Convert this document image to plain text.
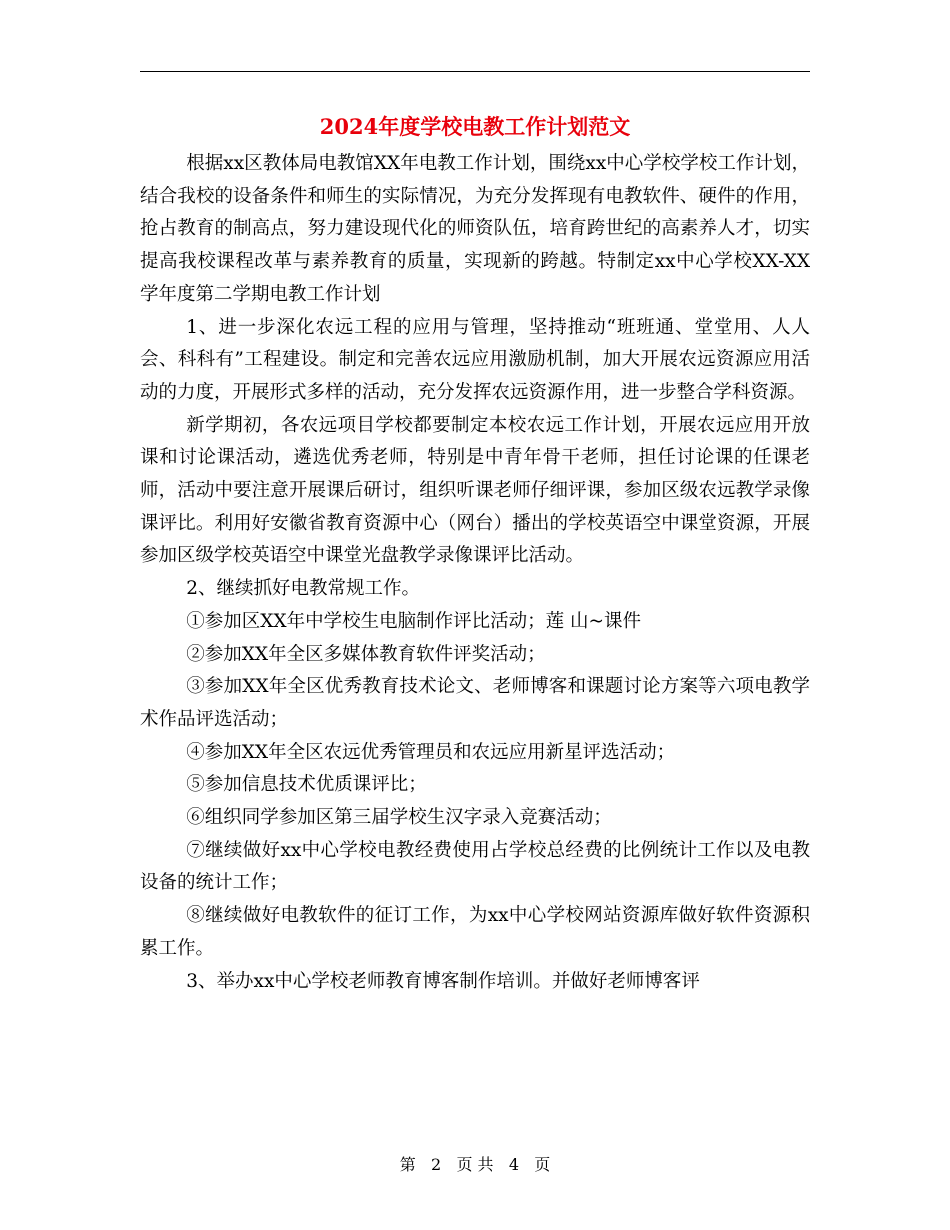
2024年度学校电教工作计划范文

根据xx区教体局电教馆XX年电教工作计划，围绕xx中心学校学校工作计划，结合我校的设备条件和师生的实际情况，为充分发挥现有电教软件、硬件的作用，抢占教育的制高点，努力建设现代化的师资队伍，培育跨世纪的高素养人才，切实提高我校课程改革与素养教育的质量，实现新的跨越。特制定xx中心学校XX-XX学年度第二学期电教工作计划

1、进一步深化农远工程的应用与管理，坚持推动“班班通、堂堂用、人人会、科科有”工程建设。制定和完善农远应用激励机制，加大开展农远资源应用活动的力度，开展形式多样的活动，充分发挥农远资源作用，进一步整合学科资源。

新学期初，各农远项目学校都要制定本校农远工作计划，开展农远应用开放课和讨论课活动，遴选优秀老师，特别是中青年骨干老师，担任讨论课的任课老师，活动中要注意开展课后研讨，组织听课老师仔细评课，参加区级农远教学录像课评比。利用好安徽省教育资源中心（网台）播出的学校英语空中课堂资源，开展参加区级学校英语空中课堂光盘教学录像课评比活动。

2、继续抓好电教常规工作。

①参加区XX年中学校生电脑制作评比活动；莲 山~课件

②参加XX年全区多媒体教育软件评奖活动；

③参加XX年全区优秀教育技术论文、老师博客和课题讨论方案等六项电教学术作品评选活动；

④参加XX年全区农远优秀管理员和农远应用新星评选活动；

⑤参加信息技术优质课评比；

⑥组织同学参加区第三届学校生汉字录入竞赛活动；

⑦继续做好xx中心学校电教经费使用占学校总经费的比例统计工作以及电教设备的统计工作；

⑧继续做好电教软件的征订工作，为xx中心学校网站资源库做好软件资源积累工作。

3、举办xx中心学校老师教育博客制作培训。并做好老师博客评

第 2 页 共 4 页
